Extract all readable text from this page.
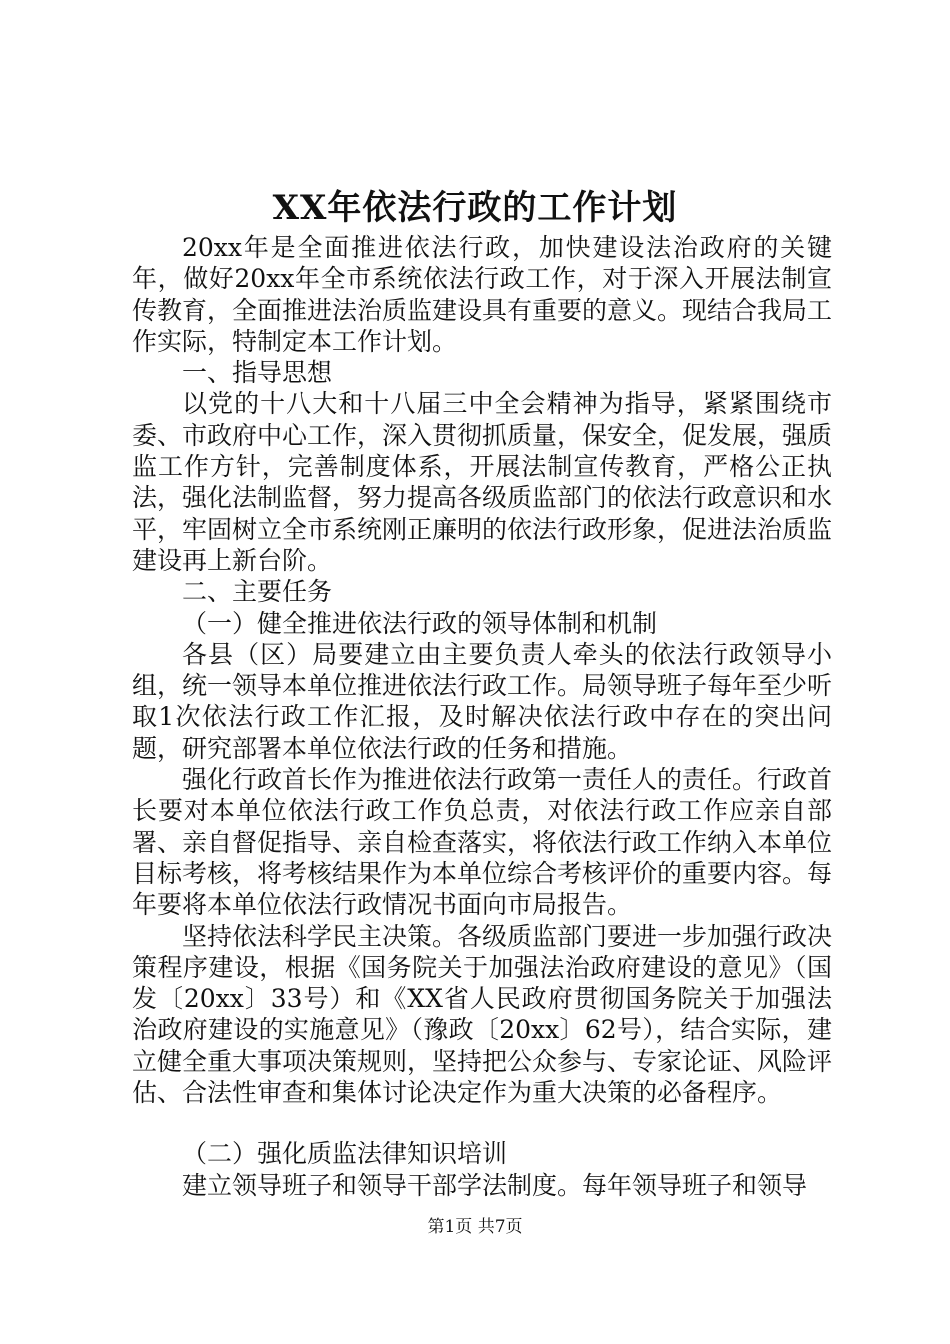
XX年依法行政的工作计划

20xx年是全面推进依法行政，加快建设法治政府的关键年，做好20xx年全市系统依法行政工作，对于深入开展法制宣传教育，全面推进法治质监建设具有重要的意义。现结合我局工作实际，特制定本工作计划。

一、指导思想

以党的十八大和十八届三中全会精神为指导，紧紧围绕市委、市政府中心工作，深入贯彻抓质量，保安全，促发展，强质监工作方针，完善制度体系，开展法制宣传教育，严格公正执法，强化法制监督，努力提高各级质监部门的依法行政意识和水平，牢固树立全市系统刚正廉明的依法行政形象，促进法治质监建设再上新台阶。

二、主要任务

（一）健全推进依法行政的领导体制和机制

各县（区）局要建立由主要负责人牵头的依法行政领导小组，统一领导本单位推进依法行政工作。局领导班子每年至少听取1次依法行政工作汇报，及时解决依法行政中存在的突出问题，研究部署本单位依法行政的任务和措施。

强化行政首长作为推进依法行政第一责任人的责任。行政首长要对本单位依法行政工作负总责，对依法行政工作应亲自部署、亲自督促指导、亲自检查落实，将依法行政工作纳入本单位目标考核，将考核结果作为本单位综合考核评价的重要内容。每年要将本单位依法行政情况书面向市局报告。

坚持依法科学民主决策。各级质监部门要进一步加强行政决策程序建设，根据《国务院关于加强法治政府建设的意见》（国发〔20xx〕33号）和《XX省人民政府贯彻国务院关于加强法治政府建设的实施意见》（豫政〔20xx〕62号），结合实际，建立健全重大事项决策规则，坚持把公众参与、专家论证、风险评估、合法性审查和集体讨论决定作为重大决策的必备程序。

（二）强化质监法律知识培训

建立领导班子和领导干部学法制度。每年领导班子和领导

第1页 共7页
